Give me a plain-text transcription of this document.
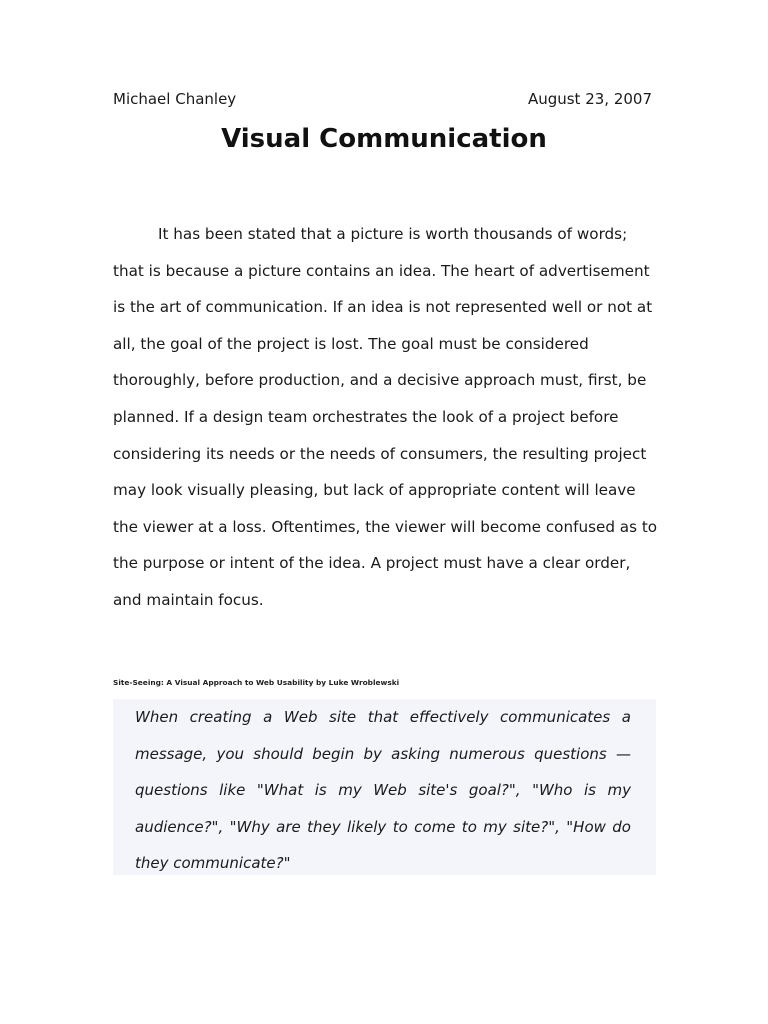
Michael Chanley	August 23, 2007
Visual Communication
It has been stated that a picture is worth thousands of words;
that is because a picture contains an idea. The heart of advertisement
is the art of communication. If an idea is not represented well or not at
all, the goal of the project is lost. The goal must be considered
thoroughly, before production, and a decisive approach must, first, be
planned. If a design team orchestrates the look of a project before
considering its needs or the needs of consumers, the resulting project
may look visually pleasing, but lack of appropriate content will leave
the viewer at a loss. Oftentimes, the viewer will become confused as to
the purpose or intent of the idea. A project must have a clear order,
and maintain focus.
Site-Seeing: A Visual Approach to Web Usability by Luke Wroblewski
When creating a Web site that effectively communicates a
message, you should begin by asking numerous questions —
questions like "What is my Web site's goal?", "Who is my
audience?", "Why are they likely to come to my site?", "How do
they communicate?"
